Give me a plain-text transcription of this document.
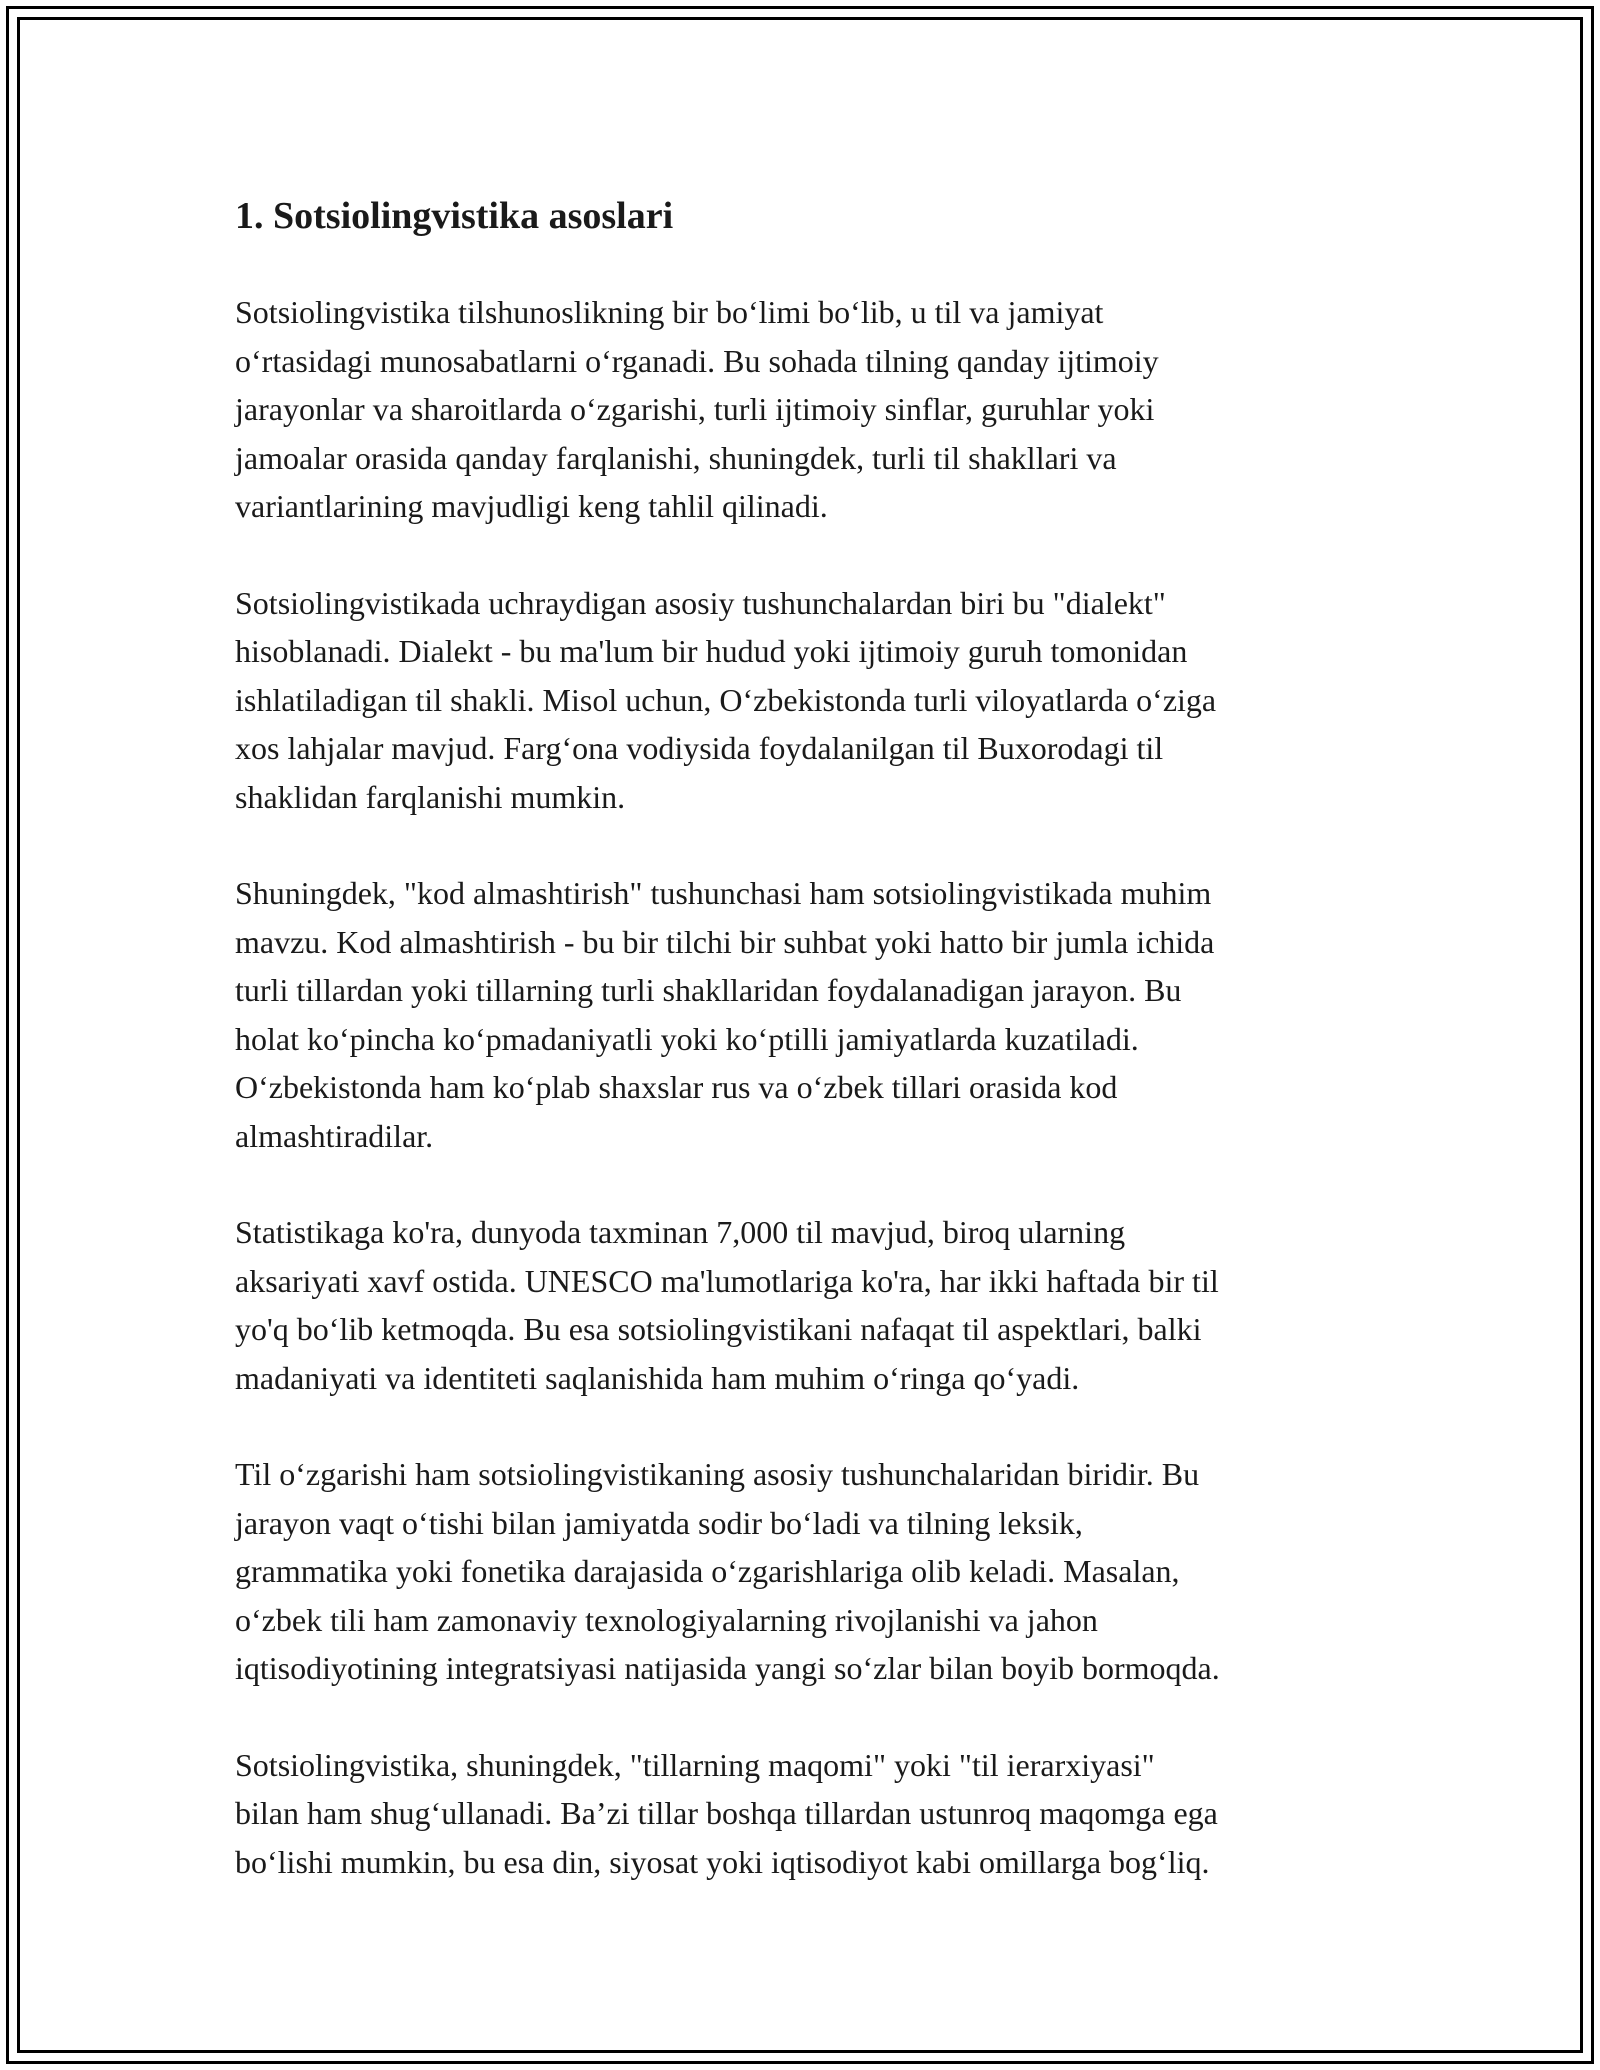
1. Sotsiolingvistika asoslari

Sotsiolingvistika tilshunoslikning bir bo‘limi bo‘lib, u til va jamiyat
o‘rtasidagi munosabatlarni o‘rganadi. Bu sohada tilning qanday ijtimoiy
jarayonlar va sharoitlarda o‘zgarishi, turli ijtimoiy sinflar, guruhlar yoki
jamoalar orasida qanday farqlanishi, shuningdek, turli til shakllari va
variantlarining mavjudligi keng tahlil qilinadi.

Sotsiolingvistikada uchraydigan asosiy tushunchalardan biri bu "dialekt"
hisoblanadi. Dialekt - bu ma'lum bir hudud yoki ijtimoiy guruh tomonidan
ishlatiladigan til shakli. Misol uchun, O‘zbekistonda turli viloyatlarda o‘ziga
xos lahjalar mavjud. Farg‘ona vodiysida foydalanilgan til Buxorodagi til
shaklidan farqlanishi mumkin.

Shuningdek, "kod almashtirish" tushunchasi ham sotsiolingvistikada muhim
mavzu. Kod almashtirish - bu bir tilchi bir suhbat yoki hatto bir jumla ichida
turli tillardan yoki tillarning turli shakllaridan foydalanadigan jarayon. Bu
holat ko‘pincha ko‘pmadaniyatli yoki ko‘ptilli jamiyatlarda kuzatiladi.
O‘zbekistonda ham ko‘plab shaxslar rus va o‘zbek tillari orasida kod
almashtiradilar.

Statistikaga ko'ra, dunyoda taxminan 7,000 til mavjud, biroq ularning
aksariyati xavf ostida. UNESCO ma'lumotlariga ko'ra, har ikki haftada bir til
yo'q bo‘lib ketmoqda. Bu esa sotsiolingvistikani nafaqat til aspektlari, balki
madaniyati va identiteti saqlanishida ham muhim o‘ringa qo‘yadi.

Til o‘zgarishi ham sotsiolingvistikaning asosiy tushunchalaridan biridir. Bu
jarayon vaqt o‘tishi bilan jamiyatda sodir bo‘ladi va tilning leksik,
grammatika yoki fonetika darajasida o‘zgarishlariga olib keladi. Masalan,
o‘zbek tili ham zamonaviy texnologiyalarning rivojlanishi va jahon
iqtisodiyotining integratsiyasi natijasida yangi so‘zlar bilan boyib bormoqda.

Sotsiolingvistika, shuningdek, "tillarning maqomi" yoki "til ierarxiyasi"
bilan ham shug‘ullanadi. Ba’zi tillar boshqa tillardan ustunroq maqomga ega
bo‘lishi mumkin, bu esa din, siyosat yoki iqtisodiyot kabi omillarga bog‘liq.
